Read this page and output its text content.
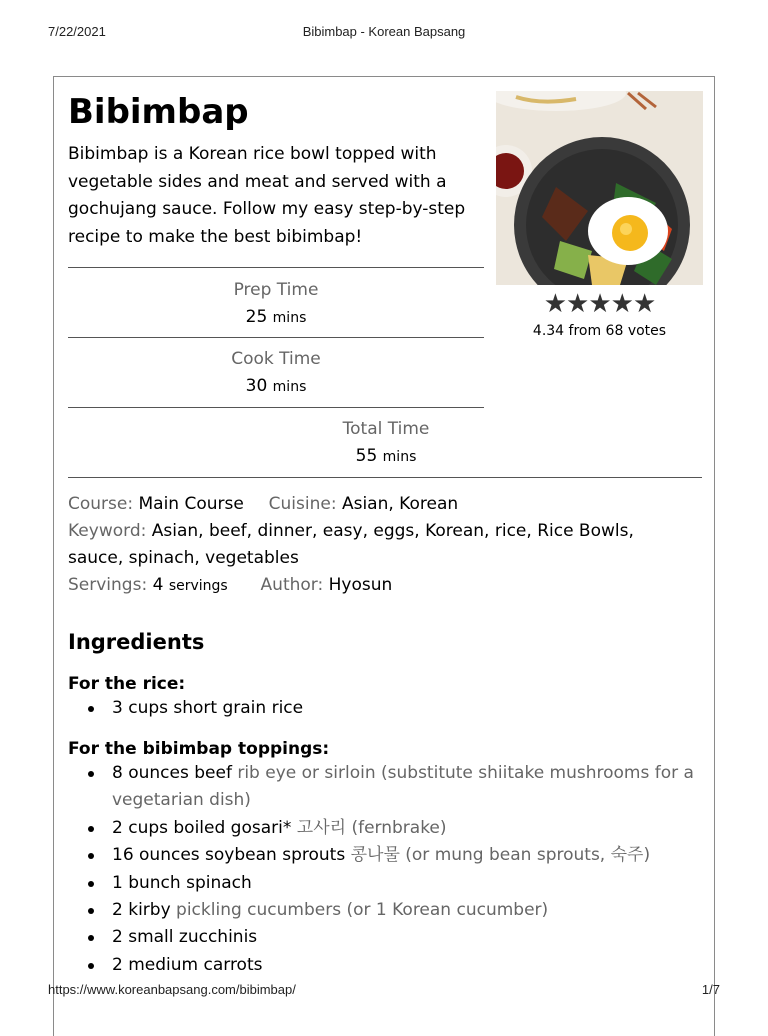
7/22/2021	Bibimbap - Korean Bapsang
Bibimbap

Bibimbap is a Korean rice bowl topped with vegetable sides and meat and served with a gochujang sauce. Follow my easy step-by-step recipe to make the best bibimbap!

Prep Time
25 mins
Cook Time
30 mins
Total Time
55 mins
★★★★★
4.34 from 68 votes
Course: Main Course Cuisine: Asian, Korean
Keyword: Asian, beef, dinner, easy, eggs, Korean, rice, Rice Bowls,
sauce, spinach, vegetables
Servings: 4 servings Author: Hyosun
Ingredients
For the rice:
3 cups short grain rice
For the bibimbap toppings:
8 ounces beef rib eye or sirloin (substitute shiitake mushrooms for a vegetarian dish)
2 cups boiled gosari* 고사리 (fernbrake)
16 ounces soybean sprouts 콩나물 (or mung bean sprouts, 숙주)
1 bunch spinach
2 kirby pickling cucumbers (or 1 Korean cucumber)
2 small zucchinis
2 medium carrots
https://www.koreanbapsang.com/bibimbap/	1/7
